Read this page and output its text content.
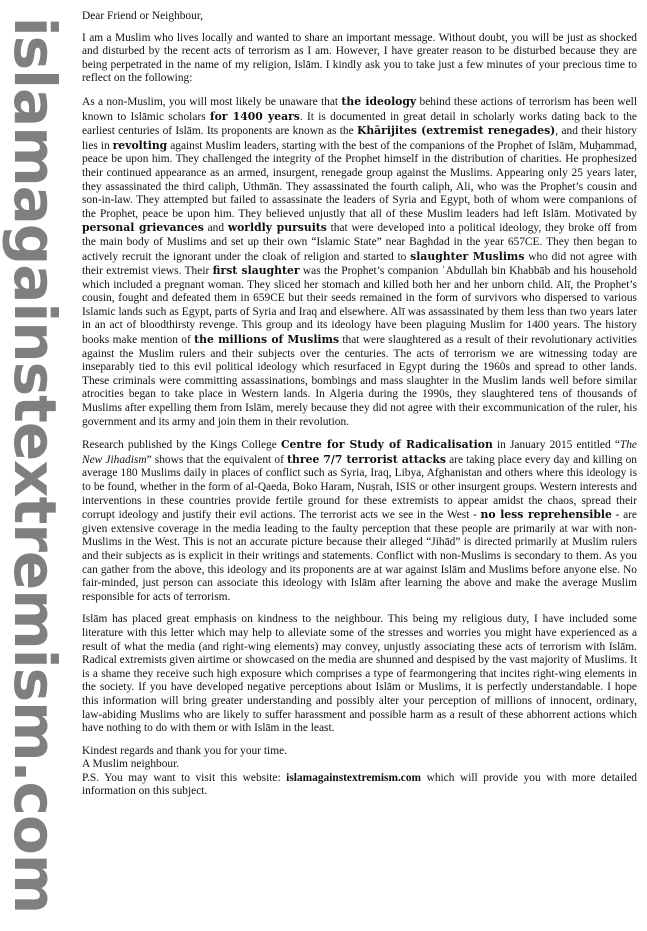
islamagainstextremism.com

Dear Friend or Neighbour,

I am a Muslim who lives locally and wanted to share an important message. Without doubt, you will be just as shocked and disturbed by the recent acts of terrorism as I am. However, I have greater reason to be disturbed because they are being perpetrated in the name of my religion, Islām. I kindly ask you to take just a few minutes of your precious time to reflect on the following:

As a non-Muslim, you will most likely be unaware that the ideology behind these actions of terrorism has been well known to Islāmic scholars for 1400 years. It is documented in great detail in scholarly works dating back to the earliest centuries of Islām. Its proponents are known as the Khārijites (extremist renegades), and their history lies in revolting against Muslim leaders, starting with the best of the companions of the Prophet of Islām, Muḥammad, peace be upon him. They challenged the integrity of the Prophet himself in the distribution of charities. He prophesized their continued appearance as an armed, insurgent, renegade group against the Muslims. Appearing only 25 years later, they assassinated the third caliph, Uthmān. They assassinated the fourth caliph, Ali, who was the Prophet’s cousin and son-in-law. They attempted but failed to assassinate the leaders of Syria and Egypt, both of whom were companions of the Prophet, peace be upon him. They believed unjustly that all of these Muslim leaders had left Islām. Motivated by personal grievances and worldly pursuits that were developed into a political ideology, they broke off from the main body of Muslims and set up their own “Islamic State” near Baghdad in the year 657CE. They then began to actively recruit the ignorant under the cloak of religion and started to slaughter Muslims who did not agree with their extremist views. Their first slaughter was the Prophet’s companion ʿAbdullah bin Khabbāb and his household which included a pregnant woman. They sliced her stomach and killed both her and her unborn child. Alī, the Prophet’s cousin, fought and defeated them in 659CE but their seeds remained in the form of survivors who dispersed to various Islamic lands such as Egypt, parts of Syria and Iraq and elsewhere. Alī was assassinated by them less than two years later in an act of bloodthirsty revenge. This group and its ideology have been plaguing Muslim for 1400 years. The history books make mention of the millions of Muslims that were slaughtered as a result of their revolutionary activities against the Muslim rulers and their subjects over the centuries. The acts of terrorism we are witnessing today are inseparably tied to this evil political ideology which resurfaced in Egypt during the 1960s and spread to other lands. These criminals were committing assassinations, bombings and mass slaughter in the Muslim lands well before similar atrocities began to take place in Western lands. In Algeria during the 1990s, they slaughtered tens of thousands of Muslims after expelling them from Islām, merely because they did not agree with their excommunication of the ruler, his government and its army and join them in their revolution.

Research published by the Kings College Centre for Study of Radicalisation in January 2015 entitled “The New Jihadism” shows that the equivalent of three 7/7 terrorist attacks are taking place every day and killing on average 180 Muslims daily in places of conflict such as Syria, Iraq, Libya, Afghanistan and others where this ideology is to be found, whether in the form of al-Qaeda, Boko Haram, Nuṣrah, ISIS or other insurgent groups. Western interests and interventions in these countries provide fertile ground for these extremists to appear amidst the chaos, spread their corrupt ideology and justify their evil actions. The terrorist acts we see in the West - no less reprehensible - are given extensive coverage in the media leading to the faulty perception that these people are primarily at war with non-Muslims in the West. This is not an accurate picture because their alleged “Jihād” is directed primarily at Muslim rulers and their subjects as is explicit in their writings and statements. Conflict with non-Muslims is secondary to them. As you can gather from the above, this ideology and its proponents are at war against Islām and Muslims before anyone else. No fair-minded, just person can associate this ideology with Islām after learning the above and make the average Muslim responsible for acts of terrorism.

Islām has placed great emphasis on kindness to the neighbour. This being my religious duty, I have included some literature with this letter which may help to alleviate some of the stresses and worries you might have experienced as a result of what the media (and right-wing elements) may convey, unjustly associating these acts of terrorism with Islām. Radical extremists given airtime or showcased on the media are shunned and despised by the vast majority of Muslims. It is a shame they receive such high exposure which comprises a type of fearmongering that incites right-wing elements in the society. If you have developed negative perceptions about Islām or Muslims, it is perfectly understandable. I hope this information will bring greater understanding and possibly alter your perception of millions of innocent, ordinary, law-abiding Muslims who are likely to suffer harassment and possible harm as a result of these abhorrent actions which have nothing to do with them or with Islām in the least.

Kindest regards and thank you for your time.

A Muslim neighbour.

P.S. You may want to visit this website: islamagainstextremism.com which will provide you with more detailed information on this subject.
